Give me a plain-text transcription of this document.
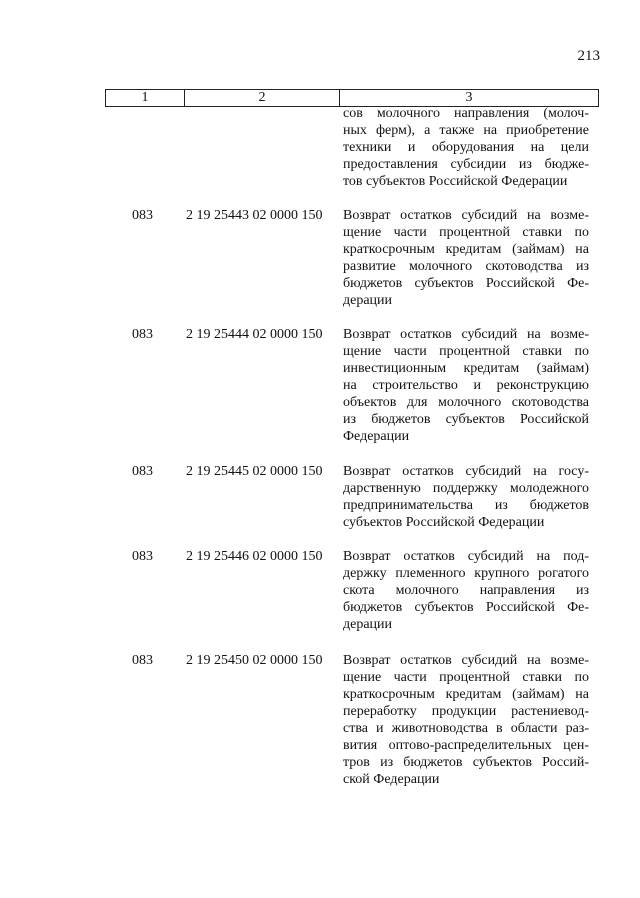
213
1	2	3
сов молочного направления (молоч-
ных ферм), а также на приобретение
техники и оборудования на цели
предоставления субсидии из бюдже-
тов субъектов Российской Федерации
083 2 19 25443 02 0000 150 Возврат остатков субсидий на возме-
щение части процентной ставки по
краткосрочным кредитам (займам) на
развитие молочного скотоводства из
бюджетов субъектов Российской Фе-
дерации
083 2 19 25444 02 0000 150 Возврат остатков субсидий на возме-
щение части процентной ставки по
инвестиционным кредитам (займам)
на строительство и реконструкцию
объектов для молочного скотоводства
из бюджетов субъектов Российской
Федерации
083 2 19 25445 02 0000 150 Возврат остатков субсидий на госу-
дарственную поддержку молодежного
предпринимательства из бюджетов
субъектов Российской Федерации
083 2 19 25446 02 0000 150 Возврат остатков субсидий на под-
держку племенного крупного рогатого
скота молочного направления из
бюджетов субъектов Российской Фе-
дерации
083 2 19 25450 02 0000 150 Возврат остатков субсидий на возме-
щение части процентной ставки по
краткосрочным кредитам (займам) на
переработку продукции растениевод-
ства и животноводства в области раз-
вития оптово-распределительных цен-
тров из бюджетов субъектов Россий-
ской Федерации
